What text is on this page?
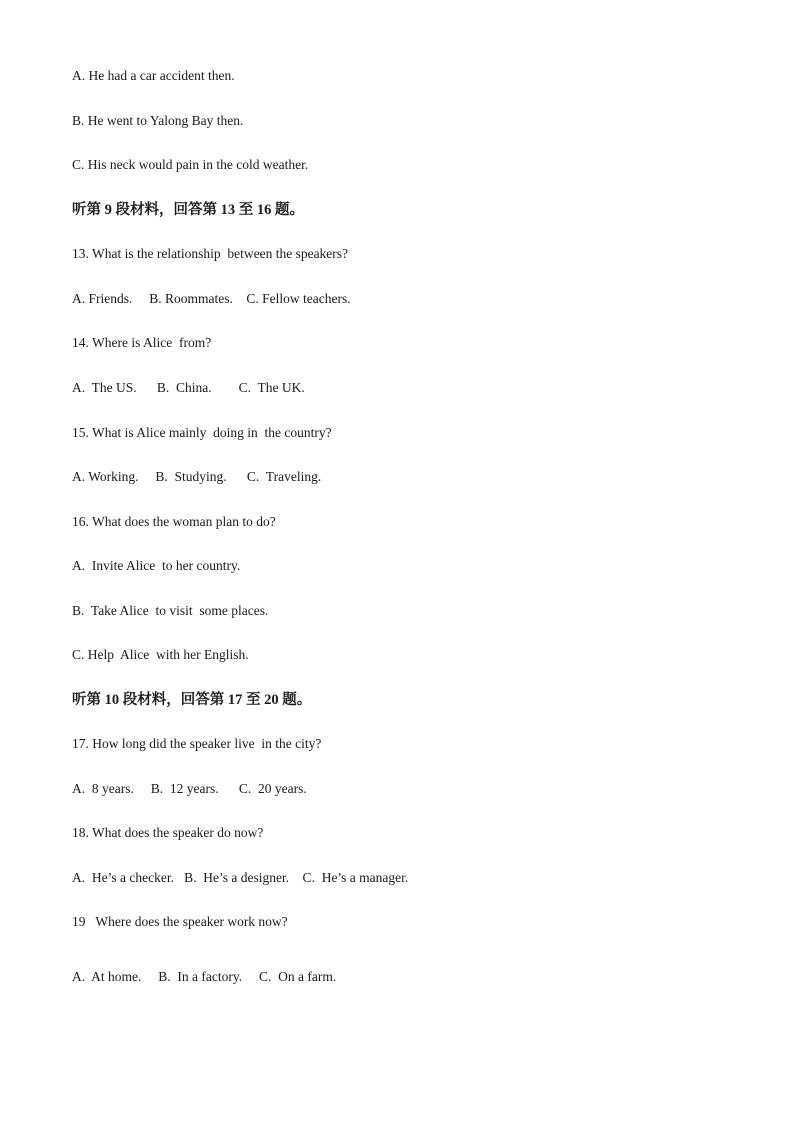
A. He had a car accident then.
B. He went to Yalong Bay then.
C. His neck would pain in the cold weather.
听第 9 段材料，回答第 13 至 16 题。
13. What is the relationship  between the speakers?
A. Friends.     B. Roommates.    C. Fellow teachers.
14. Where is Alice  from?
A.  The US.      B.  China.        C.  The UK.
15. What is Alice mainly  doing in  the country?
A. Working.     B.  Studying.      C.  Traveling.
16. What does the woman plan to do?
A.  Invite Alice  to her country.
B.  Take Alice  to visit  some places.
C. Help  Alice  with her English.
听第 10 段材料，回答第 17 至 20 题。
17. How long did the speaker live  in the city?
A.  8 years.     B.  12 years.      C.  20 years.
18. What does the speaker do now?
A.  He’s a checker.   B.  He’s a designer.    C.  He’s a manager.
19   Where does the speaker work now?
A.  At home.     B.  In a factory.     C.  On a farm.
